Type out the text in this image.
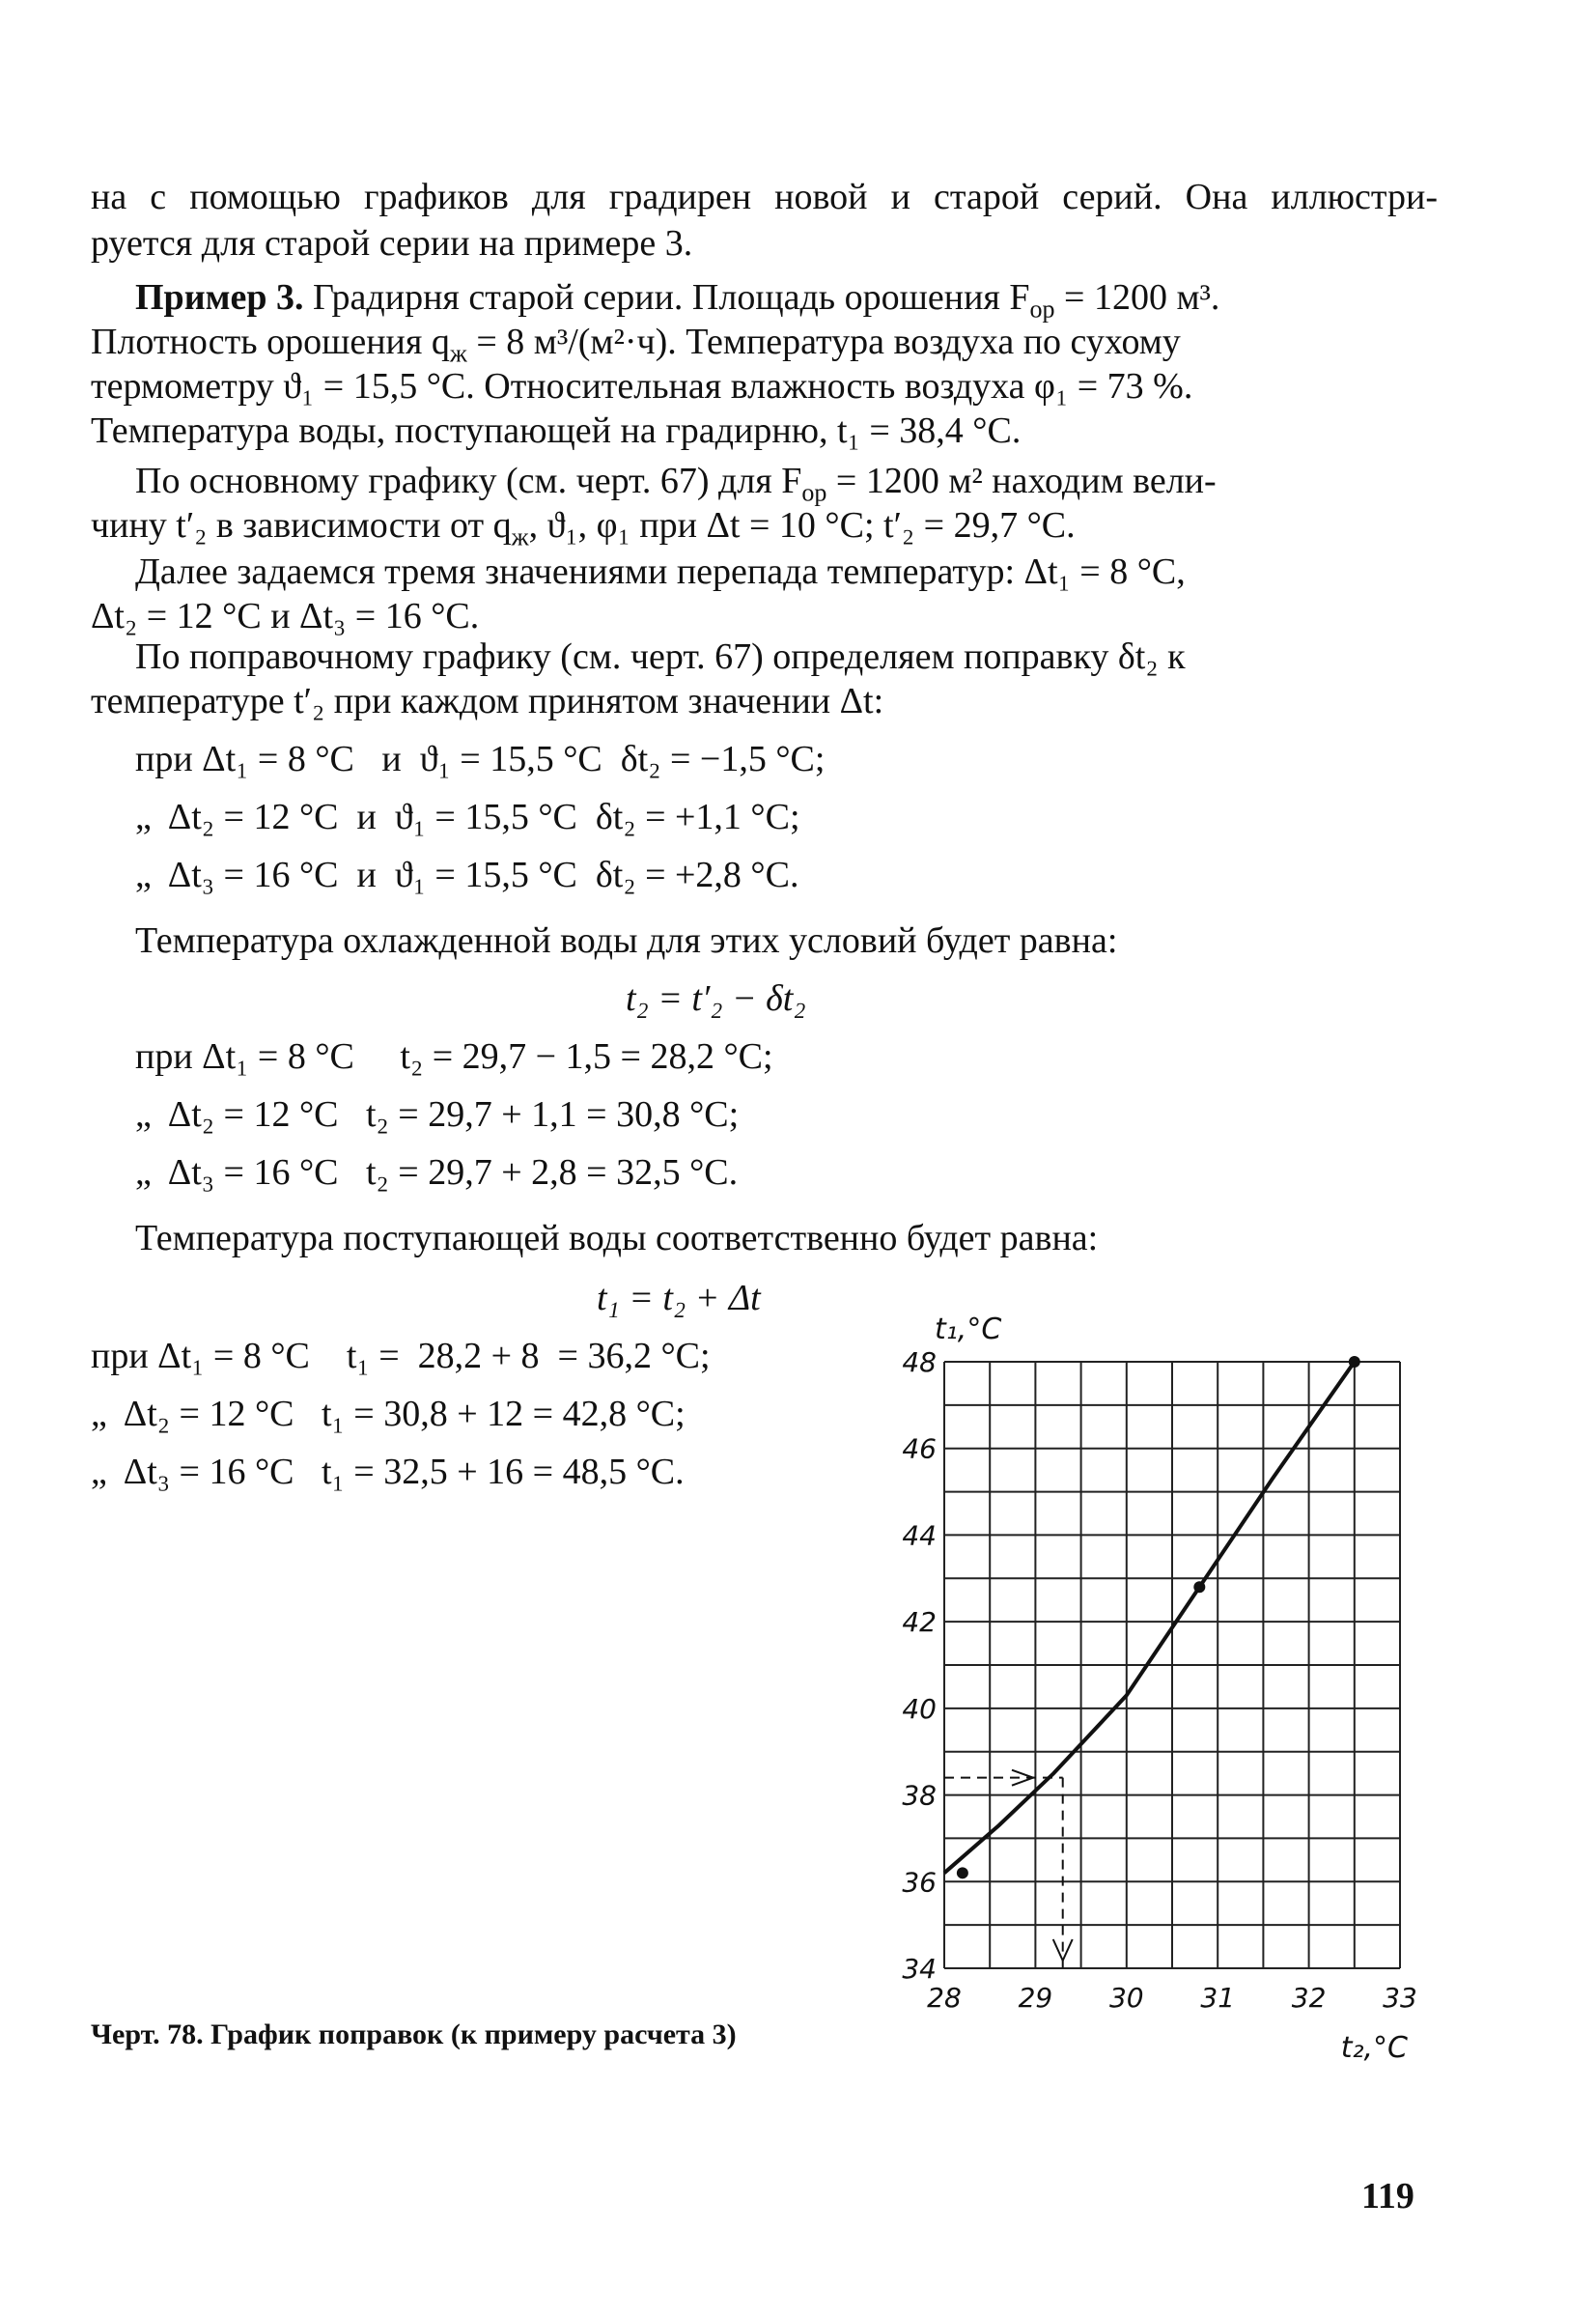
на с помощью графиков для градирен новой и старой серий. Она иллюстри-
руется для старой серии на примере 3.
Пример 3. Градирня старой серии. Площадь орошения $F_{ор} = 1200$ м³.
Плотность орошения $q_ж = 8$ м³/(м²·ч). Температура воздуха по сухому
термометру ϑ₁ = 15,5 °C. Относительная влажность воздуха φ₁ = 73 %.
Температура воды, поступающей на градирню, t₁ = 38,4 °C.
По основному графику (см. черт. 67) для $F_{ор} = 1200$ м² находим вели-
чину t′₂ в зависимости от $q_ж$, ϑ₁, φ₁ при Δt = 10 °C; t′₂ = 29,7 °C.
Далее задаемся тремя значениями перепада температур: Δt₁ = 8 °C,
Δt₂ = 12 °C и Δt₃ = 16 °C.
По поправочному графику (см. черт. 67) определяем поправку δt₂ к
температуре t′₂ при каждом принятом значении Δt:
при Δt₁ = 8 °C   и  ϑ₁ = 15,5 °C  δt₂ = −1,5 °C;
„  Δt₂ = 12 °C  и  ϑ₁ = 15,5 °C  δt₂ = +1,1 °C;
„  Δt₃ = 16 °C  и  ϑ₁ = 15,5 °C  δt₂ = +2,8 °C.
Температура охлажденной воды для этих условий будет равна:
t₂ = t′₂ − δt₂
при Δt₁ = 8 °C     t₂ = 29,7 − 1,5 = 28,2 °C;
„  Δt₂ = 12 °C   t₂ = 29,7 + 1,1 = 30,8 °C;
„  Δt₃ = 16 °C   t₂ = 29,7 + 2,8 = 32,5 °C.
Температура поступающей воды соответственно будет равна:
t₁ = t₂ + Δt
при Δt₁ = 8 °C    t₁ =  28,2 + 8  = 36,2 °C;
„  Δt₂ = 12 °C   t₁ = 30,8 + 12 = 42,8 °C;
„  Δt₃ = 16 °C   t₁ = 32,5 + 16 = 48,5 °C.
34
36
38
40
42
44
46
48
28 29 30 31 32 33
t₁,°C
t₂,°C
Черт. 78. График поправок (к примеру расчета 3)
119
